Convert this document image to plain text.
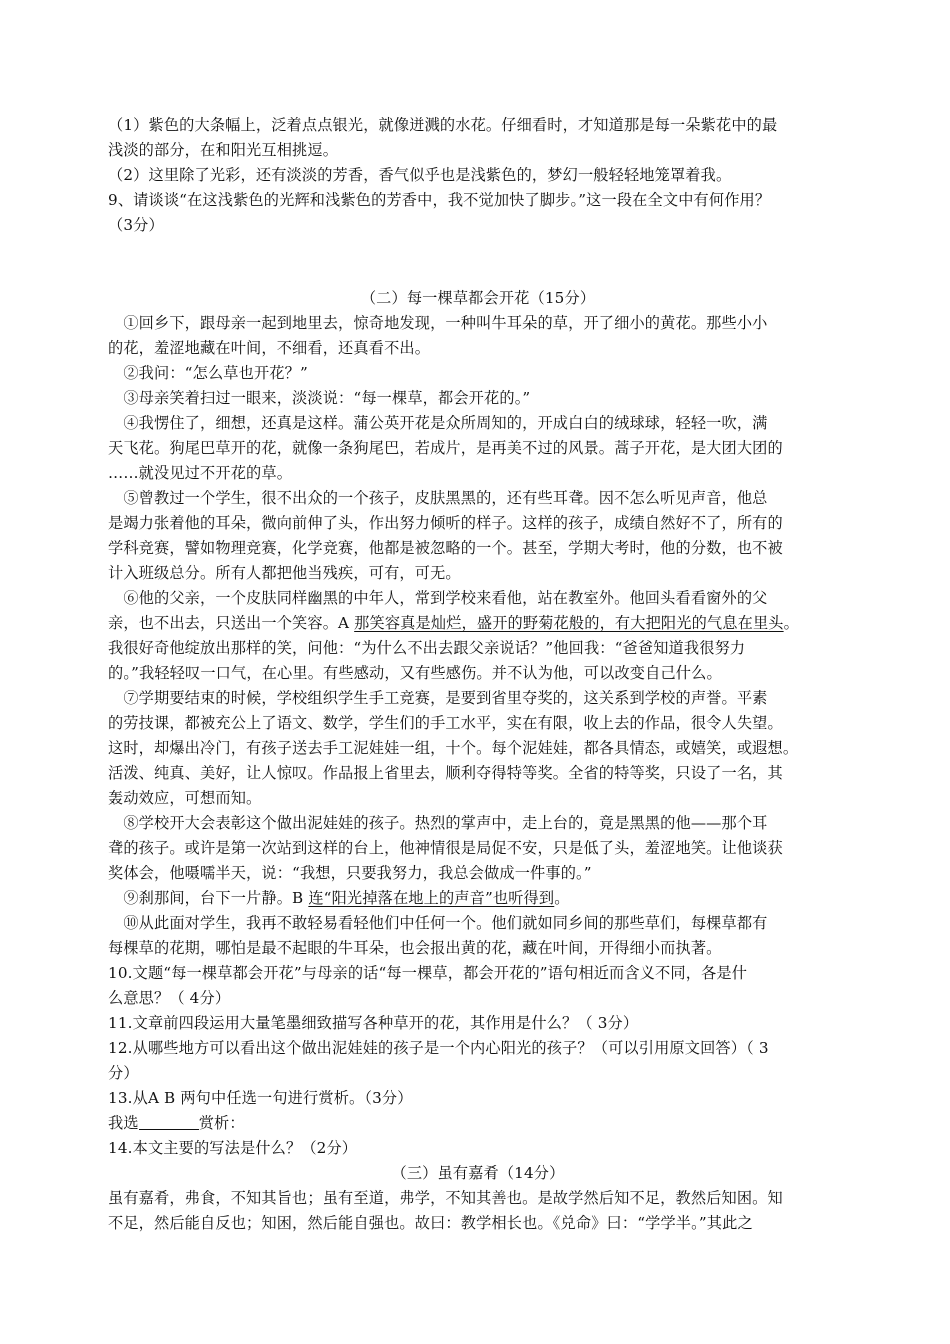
（1）紫色的大条幅上，泛着点点银光，就像迸溅的水花。仔细看时，才知道那是每一朵紫花中的最
浅淡的部分，在和阳光互相挑逗。
（2）这里除了光彩，还有淡淡的芳香，香气似乎也是浅紫色的，梦幻一般轻轻地笼罩着我。
9、请谈谈“在这浅紫色的光辉和浅紫色的芳香中，我不觉加快了脚步。”这一段在全文中有何作用？
（3分）
（二）每一棵草都会开花（15分）
　①回乡下，跟母亲一起到地里去，惊奇地发现，一种叫牛耳朵的草，开了细小的黄花。那些小小
的花，羞涩地藏在叶间，不细看，还真看不出。
　②我问：“怎么草也开花？”
　③母亲笑着扫过一眼来，淡淡说：“每一棵草，都会开花的。”
　④我愣住了，细想，还真是这样。蒲公英开花是众所周知的，开成白白的绒球球，轻轻一吹，满
天飞花。狗尾巴草开的花，就像一条狗尾巴，若成片，是再美不过的风景。蒿子开花，是大团大团的
……就没见过不开花的草。
　⑤曾教过一个学生，很不出众的一个孩子，皮肤黑黑的，还有些耳聋。因不怎么听见声音，他总
是竭力张着他的耳朵，微向前伸了头，作出努力倾听的样子。这样的孩子，成绩自然好不了，所有的
学科竞赛，譬如物理竞赛，化学竞赛，他都是被忽略的一个。甚至，学期大考时，他的分数，也不被
计入班级总分。所有人都把他当残疾，可有，可无。
　⑥他的父亲，一个皮肤同样幽黑的中年人，常到学校来看他，站在教室外。他回头看看窗外的父
亲，也不出去，只送出一个笑容。A 那笑容真是灿烂，盛开的野菊花般的，有大把阳光的气息在里头。
我很好奇他绽放出那样的笑，问他：“为什么不出去跟父亲说话？”他回我：“爸爸知道我很努力
的。”我轻轻叹一口气，在心里。有些感动，又有些感伤。并不认为他，可以改变自己什么。
　⑦学期要结束的时候，学校组织学生手工竞赛，是要到省里夺奖的，这关系到学校的声誉。平素
的劳技课，都被充公上了语文、数学，学生们的手工水平，实在有限，收上去的作品，很令人失望。
这时，却爆出冷门，有孩子送去手工泥娃娃一组，十个。每个泥娃娃，都各具情态，或嬉笑，或遐想。
活泼、纯真、美好，让人惊叹。作品报上省里去，顺利夺得特等奖。全省的特等奖，只设了一名，其
轰动效应，可想而知。
　⑧学校开大会表彰这个做出泥娃娃的孩子。热烈的掌声中，走上台的，竟是黑黑的他——那个耳
聋的孩子。或许是第一次站到这样的台上，他神情很是局促不安，只是低了头，羞涩地笑。让他谈获
奖体会，他嗫嚅半天，说：“我想，只要我努力，我总会做成一件事的。”
　⑨刹那间，台下一片静。B 连“阳光掉落在地上的声音”也听得到。
　⑩从此面对学生，我再不敢轻易看轻他们中任何一个。他们就如同乡间的那些草们，每棵草都有
每棵草的花期，哪怕是最不起眼的牛耳朵，也会报出黄的花，藏在叶间，开得细小而执著。
10.文题“每一棵草都会开花”与母亲的话“每一棵草，都会开花的”语句相近而含义不同，各是什
么意思？（ 4分）
11.文章前四段运用大量笔墨细致描写各种草开的花，其作用是什么？（ 3分）
12.从哪些地方可以看出这个做出泥娃娃的孩子是一个内心阳光的孩子？（可以引用原文回答）（ 3
分）
13.从A B 两句中任选一句进行赏析。（3分）
我选	赏析：
14.本文主要的写法是什么？（2分）
（三）虽有嘉肴（14分）
虽有嘉肴，弗食，不知其旨也；虽有至道，弗学，不知其善也。是故学然后知不足，教然后知困。知
不足，然后能自反也；知困，然后能自强也。故曰：教学相长也。《兑命》曰：“学学半。”其此之
